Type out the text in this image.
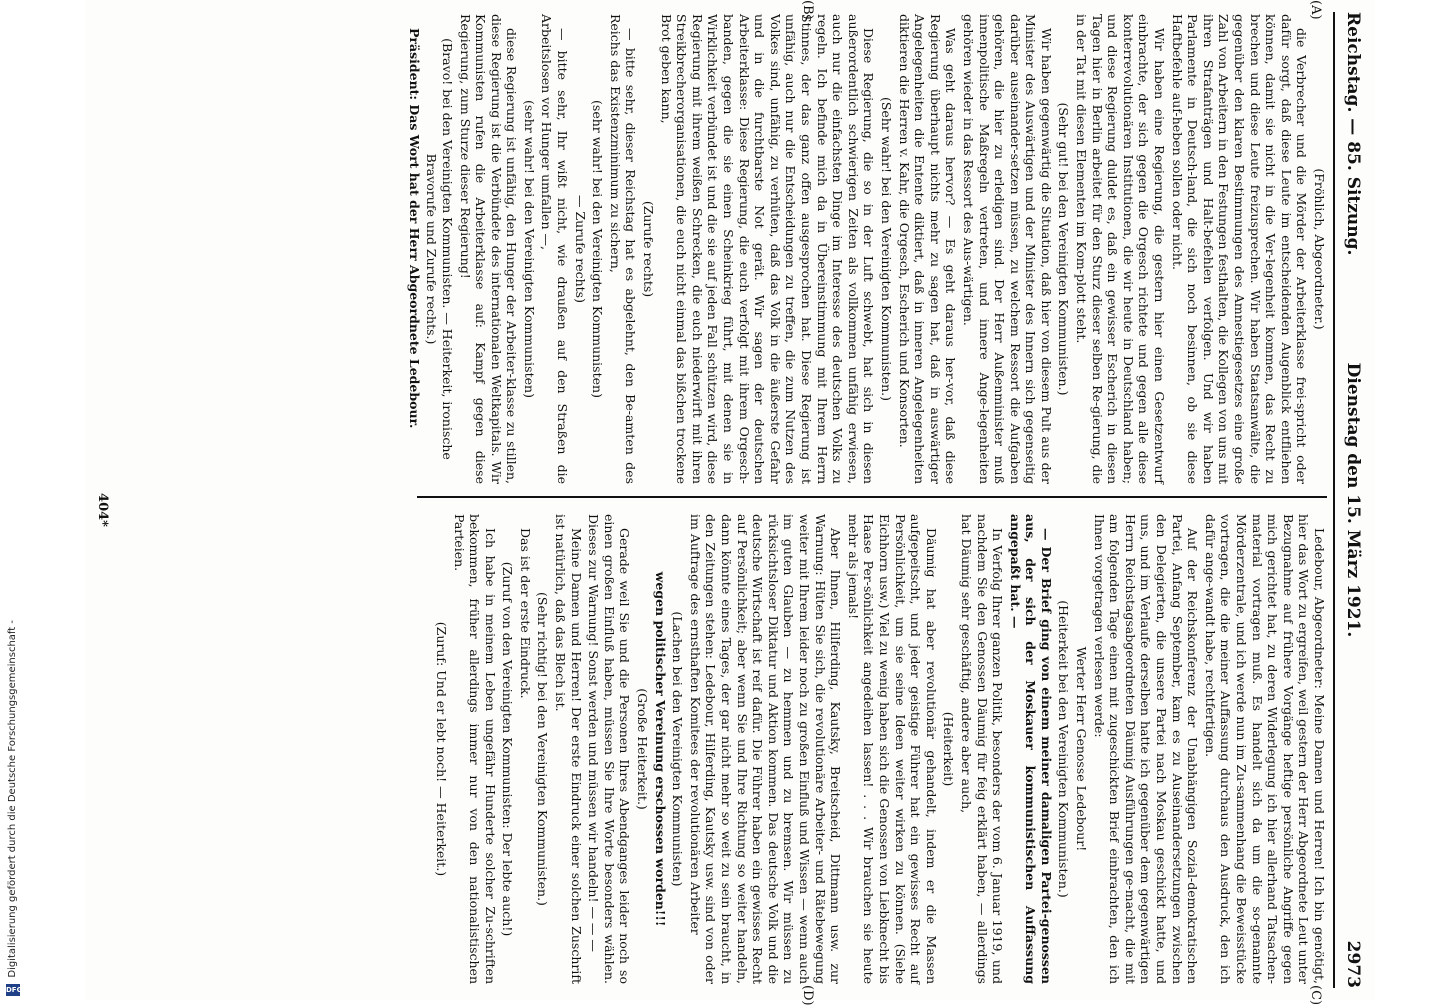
Digitalisierung gefördert durch die Deutsche Forschungsgemeinschaft -
DFG
Reichstag. — 85. Sitzung.
Dienstag den 15. März 1921.
2973
(A)
(B)
(C)
(D)

(Fröhlich, Abgeordneter.)

die Verbrecher und die Mörder der Arbeiterklasse frei-spricht oder dafür sorgt, daß diese Leute im entscheidenden Augenblick entfliehen können, damit sie nicht in die Ver-legenheit kommen, das Recht zu brechen und diese Leute freizusprechen. Wir haben Staatsanwälte, die gegenüber den klaren Bestimmungen des Amnestiegesetzes eine große Zahl von Arbeitern in den Festungen festhalten, die Kollegen von uns mit ihren Strafanträgen und Halt-befehlen verfolgen. Und wir haben Parlamente in Deutsch-land, die sich noch besinnen, ob sie diese Haftbefehle auf-heben sollen oder nicht.

Wir haben eine Regierung, die gestern hier einen Gesetzentwurf einbrachte, der sich gegen die Orgesch richtete und gegen alle diese konterrevolutionären Institutionen, die wir heute in Deutschland haben; und diese Regierung duldet es, daß ein gewisser Escherich in diesen Tagen hier in Berlin arbeitet für den Sturz dieser selben Re-gierung, die in der Tat mit diesen Elementen im Kom-plott steht.

(Sehr gut! bei den Vereinigten Kommunisten.)

Wir haben gegenwärtig die Situation, daß hier von diesem Pult aus der Minister des Auswärtigen und der Minister des Innern sich gegenseitig darüber auseinander-setzen müssen, zu welchem Ressort die Aufgaben gehören, die hier zu erledigen sind. Der Herr Außenminister muß innenpolitische Maßregeln vertreten, und innere Ange-legenheiten gehören wieder in das Ressort des Aus-wärtigen.

Was geht daraus hervor? — Es geht daraus her-vor, daß diese Regierung überhaupt nichts mehr zu sagen hat, daß in auswärtiger Angelegenheiten die Entente diktiert, daß in inneren Angelegenheiten diktieren die Herren v. Kahr, die Orgesch, Escherich und Konsorten.

(Sehr wahr! bei den Vereinigten Kommunisten.)

Diese Regierung, die so in der Luft schwebt, hat sich in diesen außerordentlich schwierigen Zeiten als vollkommen unfähig erwiesen, auch nur die einfachsten Dinge im Interesse des deutschen Volks zu regeln. Ich befinde mich da in Übereinstimmung mit Ihrem Herrn Stinnes, der das ganz offen ausgesprochen hat. Diese Regierung ist unfähig, auch nur die Entscheidungen zu treffen, die zum Nutzen des Volkes sind, unfähig, zu verhüten, daß das Volk in die äußerste Gefahr und in die furchtbarste Not gerät. Wir sagen der deutschen Arbeiterklasse: Diese Regierung, die euch verfolgt mit ihrem Orgesch-banden, gegen die sie einen Scheinkrieg führt, mit denen sie in Wirklichkeit verbündet ist und die sie auf jeden Fall schützen wird, diese Regierung mit ihrem weißen Schrecken, die euch niederwirft mit ihren Streikbrecherorganisationen, die euch nicht einmal das bißchen trockene Brot geben kann,

(Zurufe rechts)

— bitte sehr, dieser Reichstag hat es abgelehnt, den Be-amten des Reichs das Existenzminimum zu sichern,

(sehr wahr! bei den Vereinigten Kommunisten)

— Zurufe rechts)

— bitte sehr, Ihr wißt nicht, wie draußen auf den Straßen die Arbeitslosen vor Hunger umfallen —,

(sehr wahr! bei den Vereinigten Kommunisten)

diese Regierung ist unfähig, den Hunger der Arbeiter-klasse zu stillen, diese Regierung ist die Verbündete des internationalen Weltkapitals. Wir Kommunisten rufen die Arbeiterklasse auf: Kampf gegen diese Regierung, zum Sturze dieser Regierung!

(Bravo! bei den Vereinigten Kommunisten. — Heiterkeit, ironische Bravorufe und Zurufe rechts.)

Präsident: Das Wort hat der Herr Abgeordnete Ledebour.

Ledebour, Abgeordneter: Meine Damen und Herren! Ich bin genötigt, hier das Wort zu ergreifen, weil gestern der Herr Abgeordnete Leut unter Bezugnahme auf frühere Vorgänge heftige persönliche Angriffe gegen mich gerichtet hat, zu deren Widerlegung ich hier allerhand Tatsachen-material vortragen muß. Es handelt sich da um die so-genannte Mörderzentrale, und ich werde nun im Zu-sammenhang die Beweisstücke vortragen, die die meiner Auffassung durchaus den Ausdruck, den ich dafür ange-wandt habe, rechtfertigen.

Auf der Reichskonferenz der Unabhängigen Sozial-demokratischen Partei, Anfang September, kam es zu Auseinandersetzungen zwischen den Delegierten, die unsere Partei nach Moskau geschickt hatte, und uns, und im Verlaufe derselben hatte ich gegenüber dem gegenwärtigen Herrn Reichstagsabgeordneten Däumig Ausführungen ge-macht, die mit am folgenden Tage einen mit zugeschickten Brief einbrachten, den ich Ihnen vorgetragen verlesen werde:

Werter Herr Genosse Ledebour!

(Heiterkeit bei den Vereinigten Kommunisten.)

— Der Brief ging von einem meiner damaligen Partei-genossen aus, der sich der Moskauer kommunistischen Auffassung angepaßt hat. —

In Verfolg Ihrer ganzen Politik, besonders der vom 6. Januar 1919, und nachdem Sie den Genossen Däumig für feig erklärt haben, — allerdings hat Däumig sehr geschäftig, andere aber auch,

(Heiterkeit)

Däumig hat aber revolutionär gehandelt, indem er die Massen aufgepeitscht, und jeder geistige Führer hat ein gewisses Recht auf Persönlichkeit, um sie seine Ideen weiter wirken zu können. (Siehe Eichhorn usw.) Viel zu wenig haben sich die Genossen von Liebknecht bis Haase Per-sönlichkeit angedeihen lassen! . . . Wir brauchen sie heute mehr als jemals!

Aber Ihnen, Hilferding, Kautsky, Breitscheid, Dittmann usw. zur Warnung: Hüten Sie sich, die revolutionäre Arbeiter- und Rätebewegung weiter mit Ihrem leider noch zu großen Einfluß und Wissen — wenn auch im guten Glauben — zu hemmen und zu bremsen. Wir müssen zu rücksichtsloser Diktatur und Aktion kommen. Das deutsche Volk und die deutsche Wirtschaft ist reif dafür. Die Führer haben ein gewisses Recht auf Persönlichkeit; aber wenn Sie und Ihre Richtung so weiter handeln, dann könnte eines Tages, der gar nicht mehr so weit zu sein braucht, in den Zeitungen stehen: Ledebour, Hilferding, Kautsky usw. sind von oder im Auftrage des ernsthaften Komitees der revolutionären Arbeiter

(Lachen bei den Vereinigten Kommunisten)

wegen politischer Vereinung erschossen worden!!!

(Große Heiterkeit.)

Gerade weil Sie und die Personen Ihres Abendganges leider noch so einen großen Einfluß haben, müssen Sie Ihre Worte besonders wählen. Dieses zur Warnung! Sonst werden und müssen wir handeln! — — —

Meine Damen und Herren! Der erste Eindruck einer solchen Zuschrift ist natürlich, daß das Blech ist.

(Sehr richtig! bei den Vereinigten Kommunisten.)

Das ist der erste Eindruck.

(Zuruf von den Vereinigten Kommunisten: Der lebte auch!)

Ich habe in meinem Leben ungefähr Hunderte solcher Zu-schriften bekommen, früher allerdings immer nur von den nationalistischen Parteien.

(Zuruf: Und er lebt noch! — Heiterkeit.)

404*
